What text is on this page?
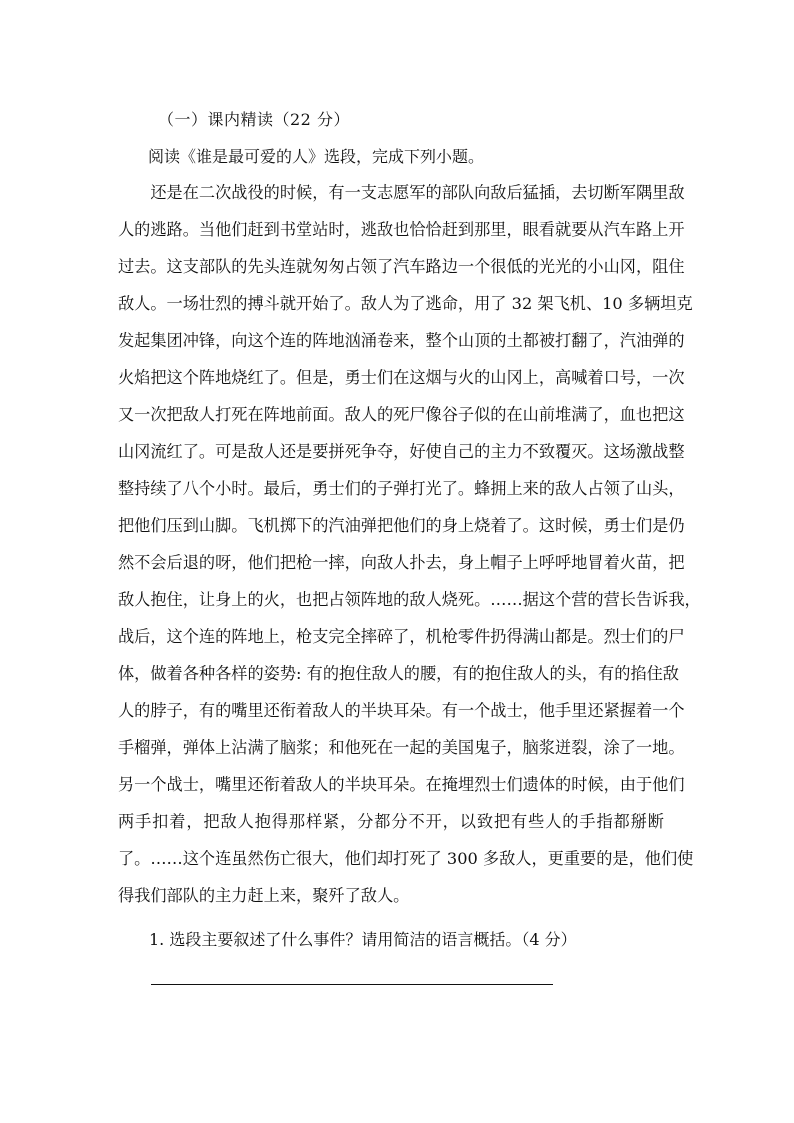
（一）课内精读（22 分）
阅读《谁是最可爱的人》选段，完成下列小题。
　　还是在二次战役的时候，有一支志愿军的部队向敌后猛插，去切断军隅里敌
人的逃路。当他们赶到书堂站时，逃敌也恰恰赶到那里，眼看就要从汽车路上开
过去。这支部队的先头连就匆匆占领了汽车路边一个很低的光光的小山冈，阻住
敌人。一场壮烈的搏斗就开始了。敌人为了逃命，用了 32 架飞机、10 多辆坦克
发起集团冲锋，向这个连的阵地汹涌卷来，整个山顶的土都被打翻了，汽油弹的
火焰把这个阵地烧红了。但是，勇士们在这烟与火的山冈上，高喊着口号，一次
又一次把敌人打死在阵地前面。敌人的死尸像谷子似的在山前堆满了，血也把这
山冈流红了。可是敌人还是要拼死争夺，好使自己的主力不致覆灭。这场激战整
整持续了八个小时。最后，勇士们的子弹打光了。蜂拥上来的敌人占领了山头，
把他们压到山脚。飞机掷下的汽油弹把他们的身上烧着了。这时候，勇士们是仍
然不会后退的呀，他们把枪一摔，向敌人扑去，身上帽子上呼呼地冒着火苗，把
敌人抱住，让身上的火，也把占领阵地的敌人烧死。……据这个营的营长告诉我，
战后，这个连的阵地上，枪支完全摔碎了，机枪零件扔得满山都是。烈士们的尸
体，做着各种各样的姿势: 有的抱住敌人的腰，有的抱住敌人的头，有的掐住敌
人的脖子，有的嘴里还衔着敌人的半块耳朵。有一个战士，他手里还紧握着一个
手榴弹，弹体上沾满了脑浆；和他死在一起的美国鬼子，脑浆迸裂，涂了一地。
另一个战士，嘴里还衔着敌人的半块耳朵。在掩埋烈士们遗体的时候，由于他们
两手扣着，把敌人抱得那样紧，分都分不开，以致把有些人的手指都掰断
了。……这个连虽然伤亡很大，他们却打死了 300 多敌人，更重要的是，他们使
得我们部队的主力赶上来，聚歼了敌人。
1. 选段主要叙述了什么事件？请用简洁的语言概括。（4 分）
